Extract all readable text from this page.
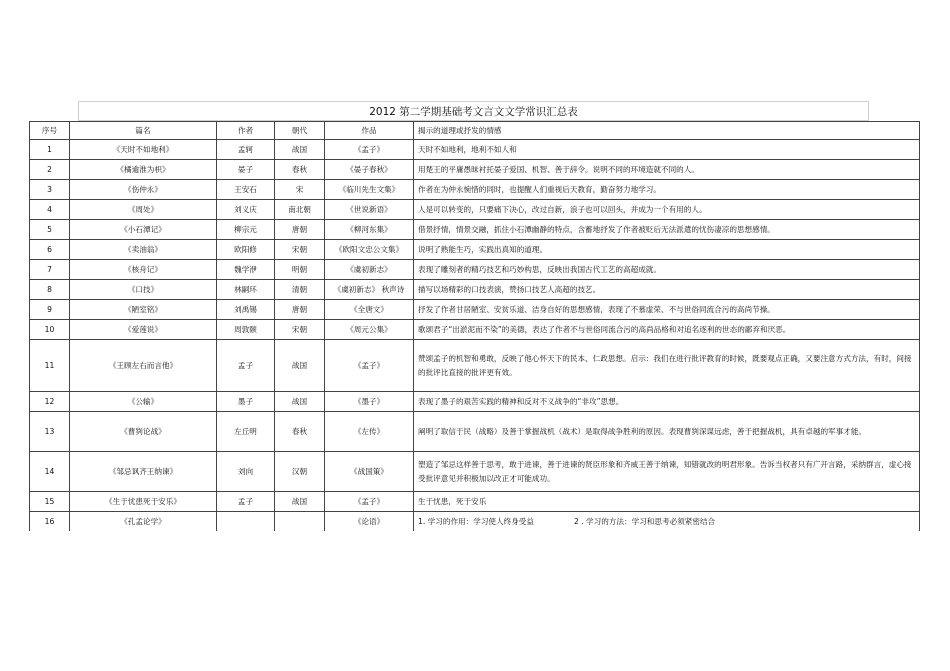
2012 第二学期基础考文言文文学常识汇总表
序号	篇名	作者	朝代	作品	揭示的道理或抒发的情感
1	《天时不如地利》	孟轲	战国	《孟子》	天时不如地利，地利不如人和
2	《橘逾淮为枳》	晏子	春秋	《晏子春秋》	用楚王的平庸愚昧衬托晏子爱国、机智、善于辞令。说明不同的环境造就不同的人。
3	《伤仲永》	王安石	宋	《临川先生文集》	作者在为仲永惋惜的同时，也提醒人们重视后天教育，勤奋努力地学习。
4	《周处》	刘义庆	南北朝	《世说新语》	人是可以转变的，只要痛下决心，改过自新，浪子也可以回头，并成为一个有用的人。
5	《小石潭记》	柳宗元	唐朝	《柳河东集》	借景抒情，情景交融，抓住小石潭幽静的特点，含蓄地抒发了作者被贬后无法派遣的忧伤凄凉的思想感情。
6	《卖油翁》	欧阳修	宋朝	《欧阳文忠公文集》	说明了熟能生巧，实践出真知的道理。
7	《核舟记》	魏学洢	明朝	《虞初新志》	表现了雕刻者的精巧技艺和巧妙构思，反映出我国古代工艺的高超成就。
8	《口技》	林嗣环	清朝	《虞初新志》 秋声诗	描写以场精彩的口技表演，赞扬口技艺人高超的技艺。
9	《陋室铭》	刘禹锡	唐朝	《全唐文》	抒发了作者甘居陋室、安贫乐道、洁身自好的思想感情，表现了不慕虚荣、不与世俗同流合污的高尚节操。
10	《爱莲说》	周敦颐	宋朝	《周元公集》	歌颂君子“出淤泥而不染”的美德，表达了作者不与世俗同流合污的高尚品格和对追名逐利的世态的鄙弃和厌恶。
11	《王顾左右而言他》	孟子	战国	《孟子》	赞颂孟子的机智和勇敢，反映了他心怀天下的民本、仁政思想。启示：我们在进行批评教育的时候，既要观点正确，又要注意方式方法，有时，间接的批评比直接的批评更有效。
12	《公输》	墨子	战国	《墨子》	表现了墨子的艰苦实践的精神和反对不义战争的“非攻”思想。
13	《曹刿论战》	左丘明	春秋	《左传》	阐明了取信于民（战略）及善于掌握战机（战术）是取得战争胜利的原因。表现曹刿深谋远虑，善于把握战机，具有卓越的军事才能。
14	《邹忌讽齐王纳谏》	刘向	汉朝	《战国策》	塑造了邹忌这样善于思考，敢于进谏，善于进谏的贤臣形象和齐威王善于纳谏，知错就改的明君形象。告诉当权者只有广开言路，采纳群言，虚心接受批评意见并积极加以改正才可能成功。
15	《生于忧患死于安乐》	孟子	战国	《孟子》	生于忧患，死于安乐
16	《孔孟论学》			《论语》	1. 学习的作用：学习使人终身受益 2 . 学习的方法：学习和思考必须紧密结合
